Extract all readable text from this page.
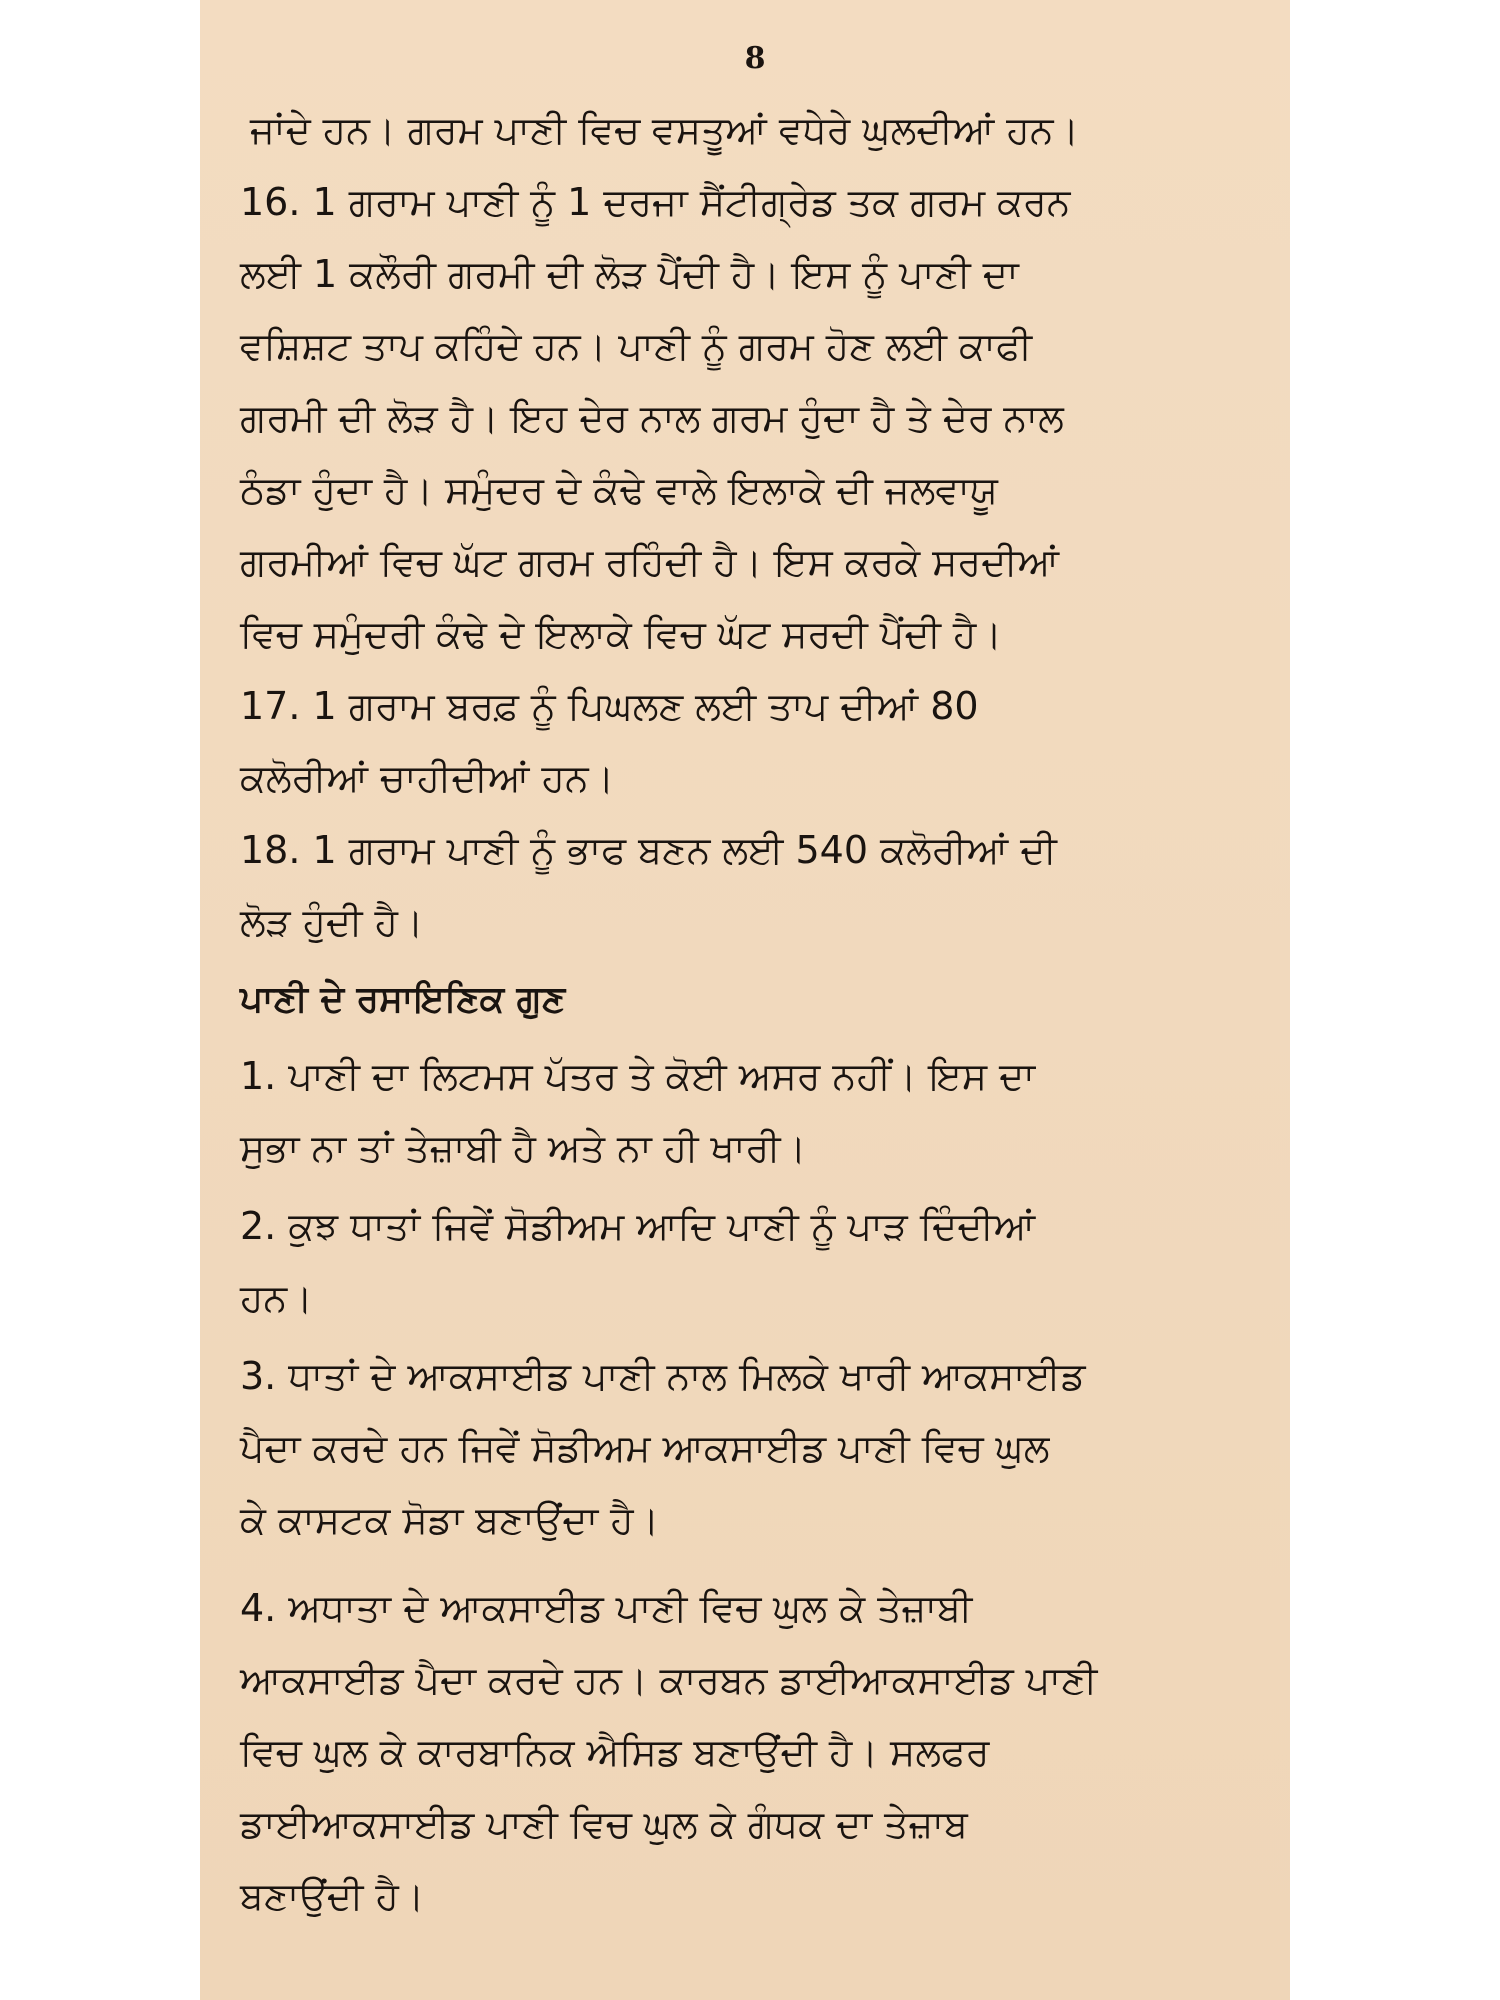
8
ਜਾਂਦੇ ਹਨ। ਗਰਮ ਪਾਣੀ ਵਿਚ ਵਸਤੂਆਂ ਵਧੇਰੇ ਘੁਲਦੀਆਂ ਹਨ।
16. 1 ਗਰਾਮ ਪਾਣੀ ਨੂੰ 1 ਦਰਜਾ ਸੈਂਟੀਗ੍ਰੇਡ ਤਕ ਗਰਮ ਕਰਨ
ਲਈ 1 ਕਲੌਰੀ ਗਰਮੀ ਦੀ ਲੋੜ ਪੈਂਦੀ ਹੈ। ਇਸ ਨੂੰ ਪਾਣੀ ਦਾ
ਵਸ਼ਿਸ਼ਟ ਤਾਪ ਕਹਿੰਦੇ ਹਨ। ਪਾਣੀ ਨੂੰ ਗਰਮ ਹੋਣ ਲਈ ਕਾਫੀ
ਗਰਮੀ ਦੀ ਲੋੜ ਹੈ। ਇਹ ਦੇਰ ਨਾਲ ਗਰਮ ਹੁੰਦਾ ਹੈ ਤੇ ਦੇਰ ਨਾਲ
ਠੰਡਾ ਹੁੰਦਾ ਹੈ। ਸਮੁੰਦਰ ਦੇ ਕੰਢੇ ਵਾਲੇ ਇਲਾਕੇ ਦੀ ਜਲਵਾਯੂ
ਗਰਮੀਆਂ ਵਿਚ ਘੱਟ ਗਰਮ ਰਹਿੰਦੀ ਹੈ। ਇਸ ਕਰਕੇ ਸਰਦੀਆਂ
ਵਿਚ ਸਮੁੰਦਰੀ ਕੰਢੇ ਦੇ ਇਲਾਕੇ ਵਿਚ ਘੱਟ ਸਰਦੀ ਪੈਂਦੀ ਹੈ।
17. 1 ਗਰਾਮ ਬਰਫ਼ ਨੂੰ ਪਿਘਲਣ ਲਈ ਤਾਪ ਦੀਆਂ 80
ਕਲੋਰੀਆਂ ਚਾਹੀਦੀਆਂ ਹਨ।
18. 1 ਗਰਾਮ ਪਾਣੀ ਨੂੰ ਭਾਫ ਬਣਨ ਲਈ 540 ਕਲੋਰੀਆਂ ਦੀ
ਲੋੜ ਹੁੰਦੀ ਹੈ।
ਪਾਣੀ ਦੇ ਰਸਾਇਣਿਕ ਗੁਣ
1. ਪਾਣੀ ਦਾ ਲਿਟਮਸ ਪੱਤਰ ਤੇ ਕੋਈ ਅਸਰ ਨਹੀਂ। ਇਸ ਦਾ
ਸੁਭਾ ਨਾ ਤਾਂ ਤੇਜ਼ਾਬੀ ਹੈ ਅਤੇ ਨਾ ਹੀ ਖਾਰੀ।
2. ਕੁਝ ਧਾਤਾਂ ਜਿਵੇਂ ਸੋਡੀਅਮ ਆਦਿ ਪਾਣੀ ਨੂੰ ਪਾੜ ਦਿੰਦੀਆਂ
ਹਨ।
3. ਧਾਤਾਂ ਦੇ ਆਕਸਾਈਡ ਪਾਣੀ ਨਾਲ ਮਿਲਕੇ ਖਾਰੀ ਆਕਸਾਈਡ
ਪੈਦਾ ਕਰਦੇ ਹਨ ਜਿਵੇਂ ਸੋਡੀਅਮ ਆਕਸਾਈਡ ਪਾਣੀ ਵਿਚ ਘੁਲ
ਕੇ ਕਾਸਟਕ ਸੋਡਾ ਬਣਾਉਂਦਾ ਹੈ।
4. ਅਧਾਤਾ ਦੇ ਆਕਸਾਈਡ ਪਾਣੀ ਵਿਚ ਘੁਲ ਕੇ ਤੇਜ਼ਾਬੀ
ਆਕਸਾਈਡ ਪੈਦਾ ਕਰਦੇ ਹਨ। ਕਾਰਬਨ ਡਾਈਆਕਸਾਈਡ ਪਾਣੀ
ਵਿਚ ਘੁਲ ਕੇ ਕਾਰਬਾਨਿਕ ਐਸਿਡ ਬਣਾਉਂਦੀ ਹੈ। ਸਲਫਰ
ਡਾਈਆਕਸਾਈਡ ਪਾਣੀ ਵਿਚ ਘੁਲ ਕੇ ਗੰਧਕ ਦਾ ਤੇਜ਼ਾਬ
ਬਣਾਉਂਦੀ ਹੈ।
